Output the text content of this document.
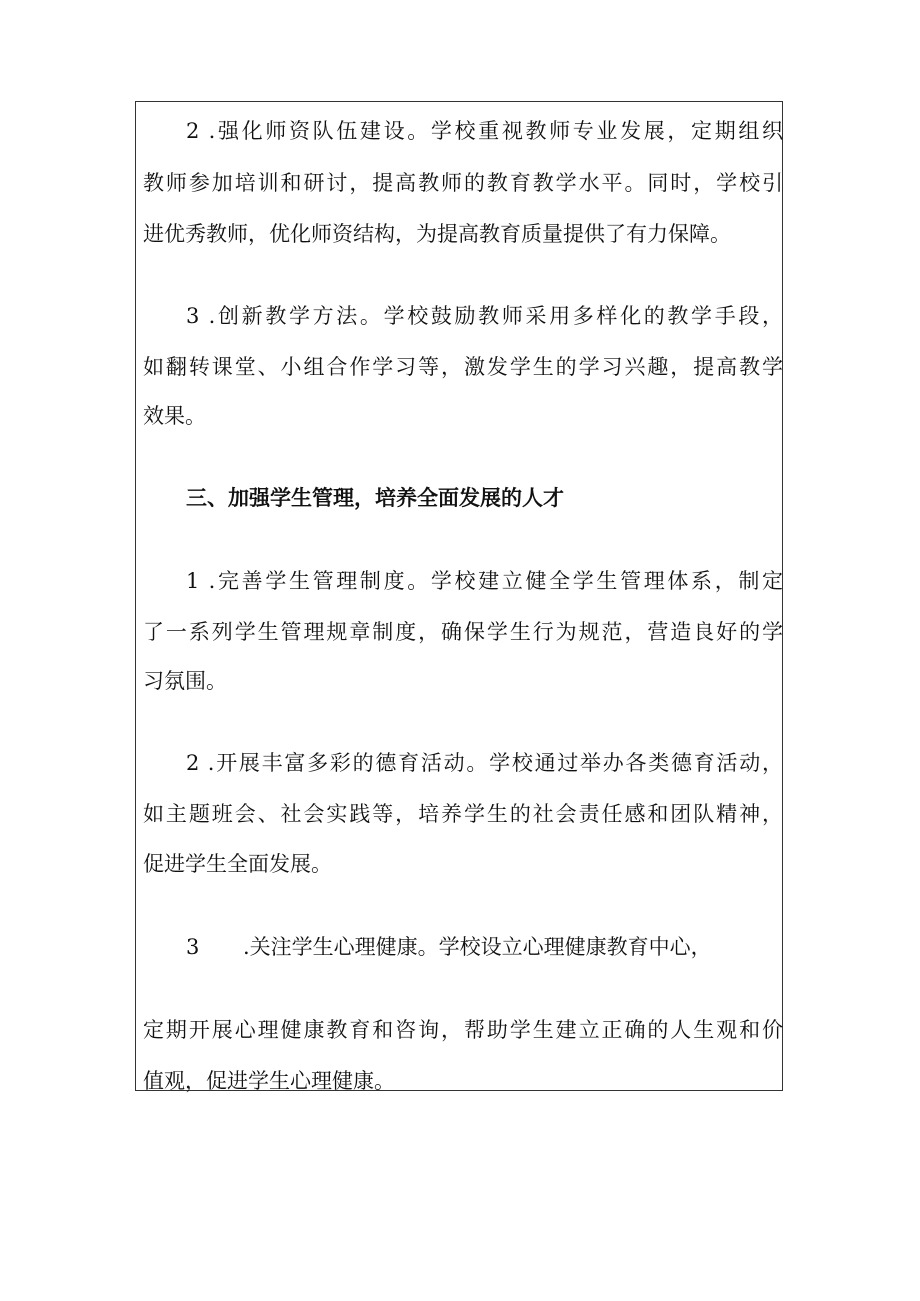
2 .强化师资队伍建设。学校重视教师专业发展，定期组织
教师参加培训和研讨，提高教师的教育教学水平。同时，学校引
进优秀教师，优化师资结构，为提高教育质量提供了有力保障。
3 .创新教学方法。学校鼓励教师采用多样化的教学手段，
如翻转课堂、小组合作学习等，激发学生的学习兴趣，提高教学
效果。
三、加强学生管理，培养全面发展的人才
1 .完善学生管理制度。学校建立健全学生管理体系，制定
了一系列学生管理规章制度，确保学生行为规范，营造良好的学
习氛围。
2 .开展丰富多彩的德育活动。学校通过举办各类德育活动，
如主题班会、社会实践等，培养学生的社会责任感和团队精神，
促进学生全面发展。
3 .关注学生心理健康。学校设立心理健康教育中心，
定期开展心理健康教育和咨询，帮助学生建立正确的人生观和价
值观，促进学生心理健康。
